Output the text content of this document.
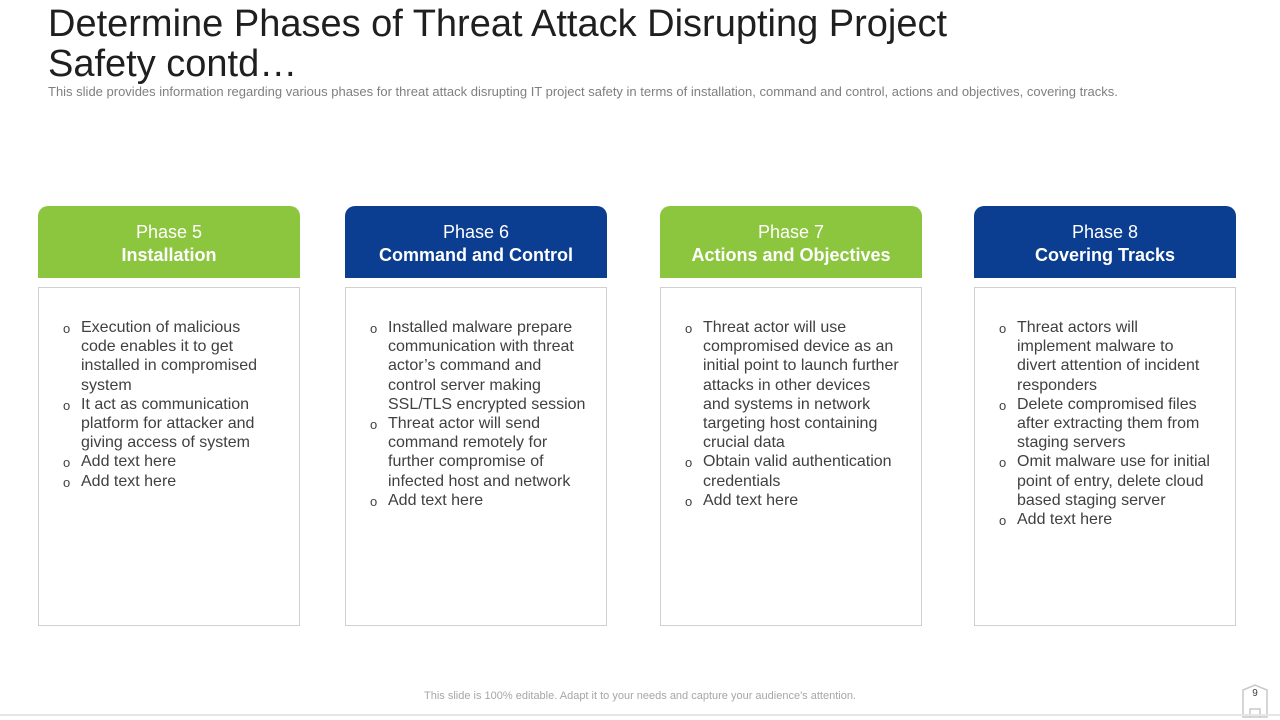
Determine Phases of Threat Attack Disrupting Project Safety contd…

This slide provides information regarding various phases for threat attack disrupting IT project safety in terms of installation, command and control, actions and objectives, covering tracks.

Phase 5
Installation
o Execution of malicious code enables it to get installed in compromised system
o It act as communication platform for attacker and giving access of system
o Add text here
o Add text here
Phase 6
Command and Control
o Installed malware prepare communication with threat actor’s command and control server making SSL/TLS encrypted session
o Threat actor will send command remotely for further compromise of infected host and network
o Add text here
Phase 7
Actions and Objectives
o Threat actor will use compromised device as an initial point to launch further attacks in other devices and systems in network targeting host containing crucial data
o Obtain valid authentication credentials
o Add text here
Phase 8
Covering Tracks
o Threat actors will implement malware to divert attention of incident responders
o Delete compromised files after extracting them from staging servers
o Omit malware use for initial point of entry, delete cloud based staging server
o Add text here

This slide is 100% editable. Adapt it to your needs and capture your audience's attention.	9
